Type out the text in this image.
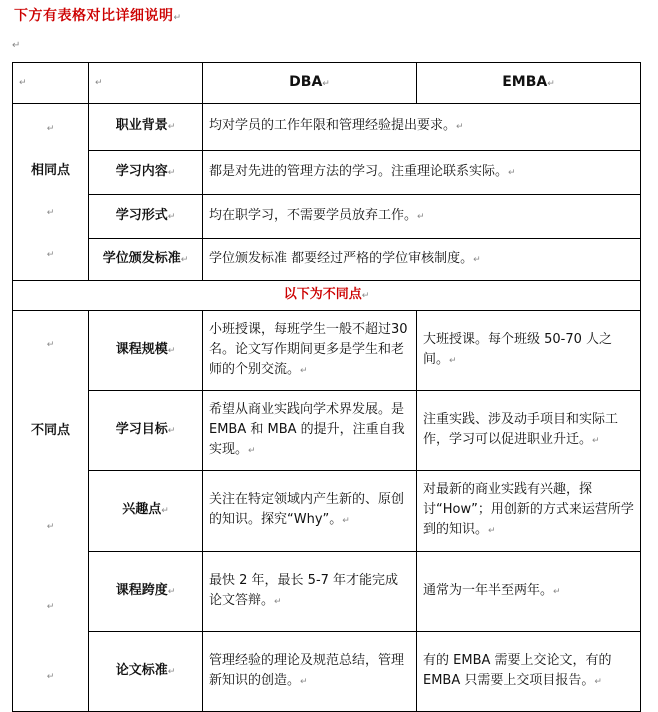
下方有表格对比详细说明↵
↵
↵	↵	DBA↵	EMBA↵

↵
相同点
↵
↵	职业背景↵	均对学员的工作年限和管理经验提出要求。↵	
	学习内容↵	都是对先进的管理方法的学习。注重理论联系实际。↵	
	学习形式↵	均在职学习，不需要学员放弃工作。↵	
	学位颁发标准↵	学位颁发标准 都要经过严格的学位审核制度。↵	
以下为不同点↵			

↵
不同点
↵
↵
↵	课程规模↵	小班授课，每班学生一般不超过30名。论文写作期间更多是学生和老师的个别交流。↵	大班授课。每个班级 50-70 人之间。↵
	学习目标↵	希望从商业实践向学术界发展。是 EMBA 和 MBA 的提升，注重自我实现。↵	注重实践、涉及动手项目和实际工作，学习可以促进职业升迁。↵
	兴趣点↵	关注在特定领域内产生新的、原创的知识。探究“Why”。↵	对最新的商业实践有兴趣，探讨“How”；用创新的方式来运营所学到的知识。↵
	课程跨度↵	最快 2 年，最长 5-7 年才能完成论文答辩。↵	通常为一年半至两年。↵
	论文标准↵	管理经验的理论及规范总结，管理新知识的创造。↵	有的 EMBA 需要上交论文，有的 EMBA 只需要上交项目报告。↵
